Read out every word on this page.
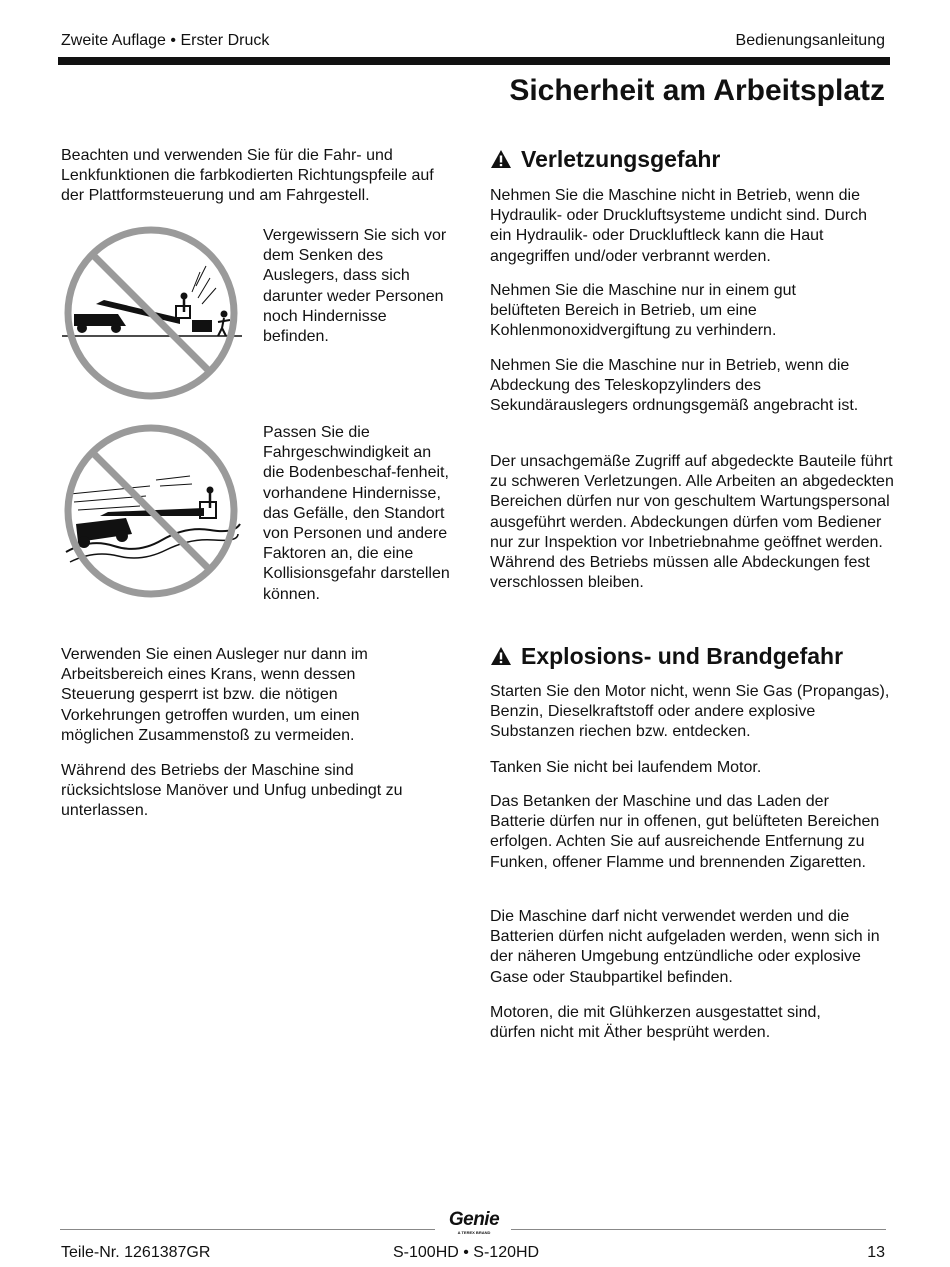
Zweite Auflage • Erster Druck	Bedienungsanleitung
Sicherheit am Arbeitsplatz

Beachten und verwenden Sie für die Fahr- und Lenkfunktionen die farbkodierten Richtungspfeile auf der Plattformsteuerung und am Fahrgestell.

Vergewissern Sie sich vor dem Senken des Auslegers, dass sich darunter weder Personen noch Hindernisse befinden.

Passen Sie die Fahrgeschwindigkeit an die Bodenbeschaf-fenheit, vorhandene Hindernisse, das Gefälle, den Standort von Personen und andere Faktoren an, die eine Kollisionsgefahr darstellen können.

Verwenden Sie einen Ausleger nur dann im Arbeitsbereich eines Krans, wenn dessen Steuerung gesperrt ist bzw. die nötigen Vorkehrungen getroffen wurden, um einen möglichen Zusammenstoß zu vermeiden.

Während des Betriebs der Maschine sind rücksichtslose Manöver und Unfug unbedingt zu unterlassen.

Verletzungsgefahr

Nehmen Sie die Maschine nicht in Betrieb, wenn die Hydraulik- oder Druckluftsysteme undicht sind. Durch ein Hydraulik- oder Druckluftleck kann die Haut angegriffen und/oder verbrannt werden.

Nehmen Sie die Maschine nur in einem gut belüfteten Bereich in Betrieb, um eine Kohlenmonoxidvergiftung zu verhindern.

Nehmen Sie die Maschine nur in Betrieb, wenn die Abdeckung des Teleskopzylinders des Sekundärauslegers ordnungsgemäß angebracht ist.

Der unsachgemäße Zugriff auf abgedeckte Bauteile führt zu schweren Verletzungen. Alle Arbeiten an abgedeckten Bereichen dürfen nur von geschultem Wartungspersonal ausgeführt werden. Abdeckungen dürfen vom Bediener nur zur Inspektion vor Inbetriebnahme geöffnet werden. Während des Betriebs müssen alle Abdeckungen fest verschlossen bleiben.

Explosions- und Brandgefahr

Starten Sie den Motor nicht, wenn Sie Gas (Propangas), Benzin, Dieselkraftstoff oder andere explosive Substanzen riechen bzw. entdecken.

Tanken Sie nicht bei laufendem Motor.

Das Betanken der Maschine und das Laden der Batterie dürfen nur in offenen, gut belüfteten Bereichen erfolgen. Achten Sie auf ausreichende Entfernung zu Funken, offener Flamme und brennenden Zigaretten.

Die Maschine darf nicht verwendet werden und die Batterien dürfen nicht aufgeladen werden, wenn sich in der näheren Umgebung entzündliche oder explosive Gase oder Staubpartikel befinden.

Motoren, die mit Glühkerzen ausgestattet sind, dürfen nicht mit Äther besprüht werden.

Genie
A TEREX BRAND
Teile-Nr. 1261387GR	S-100HD • S-120HD	13
